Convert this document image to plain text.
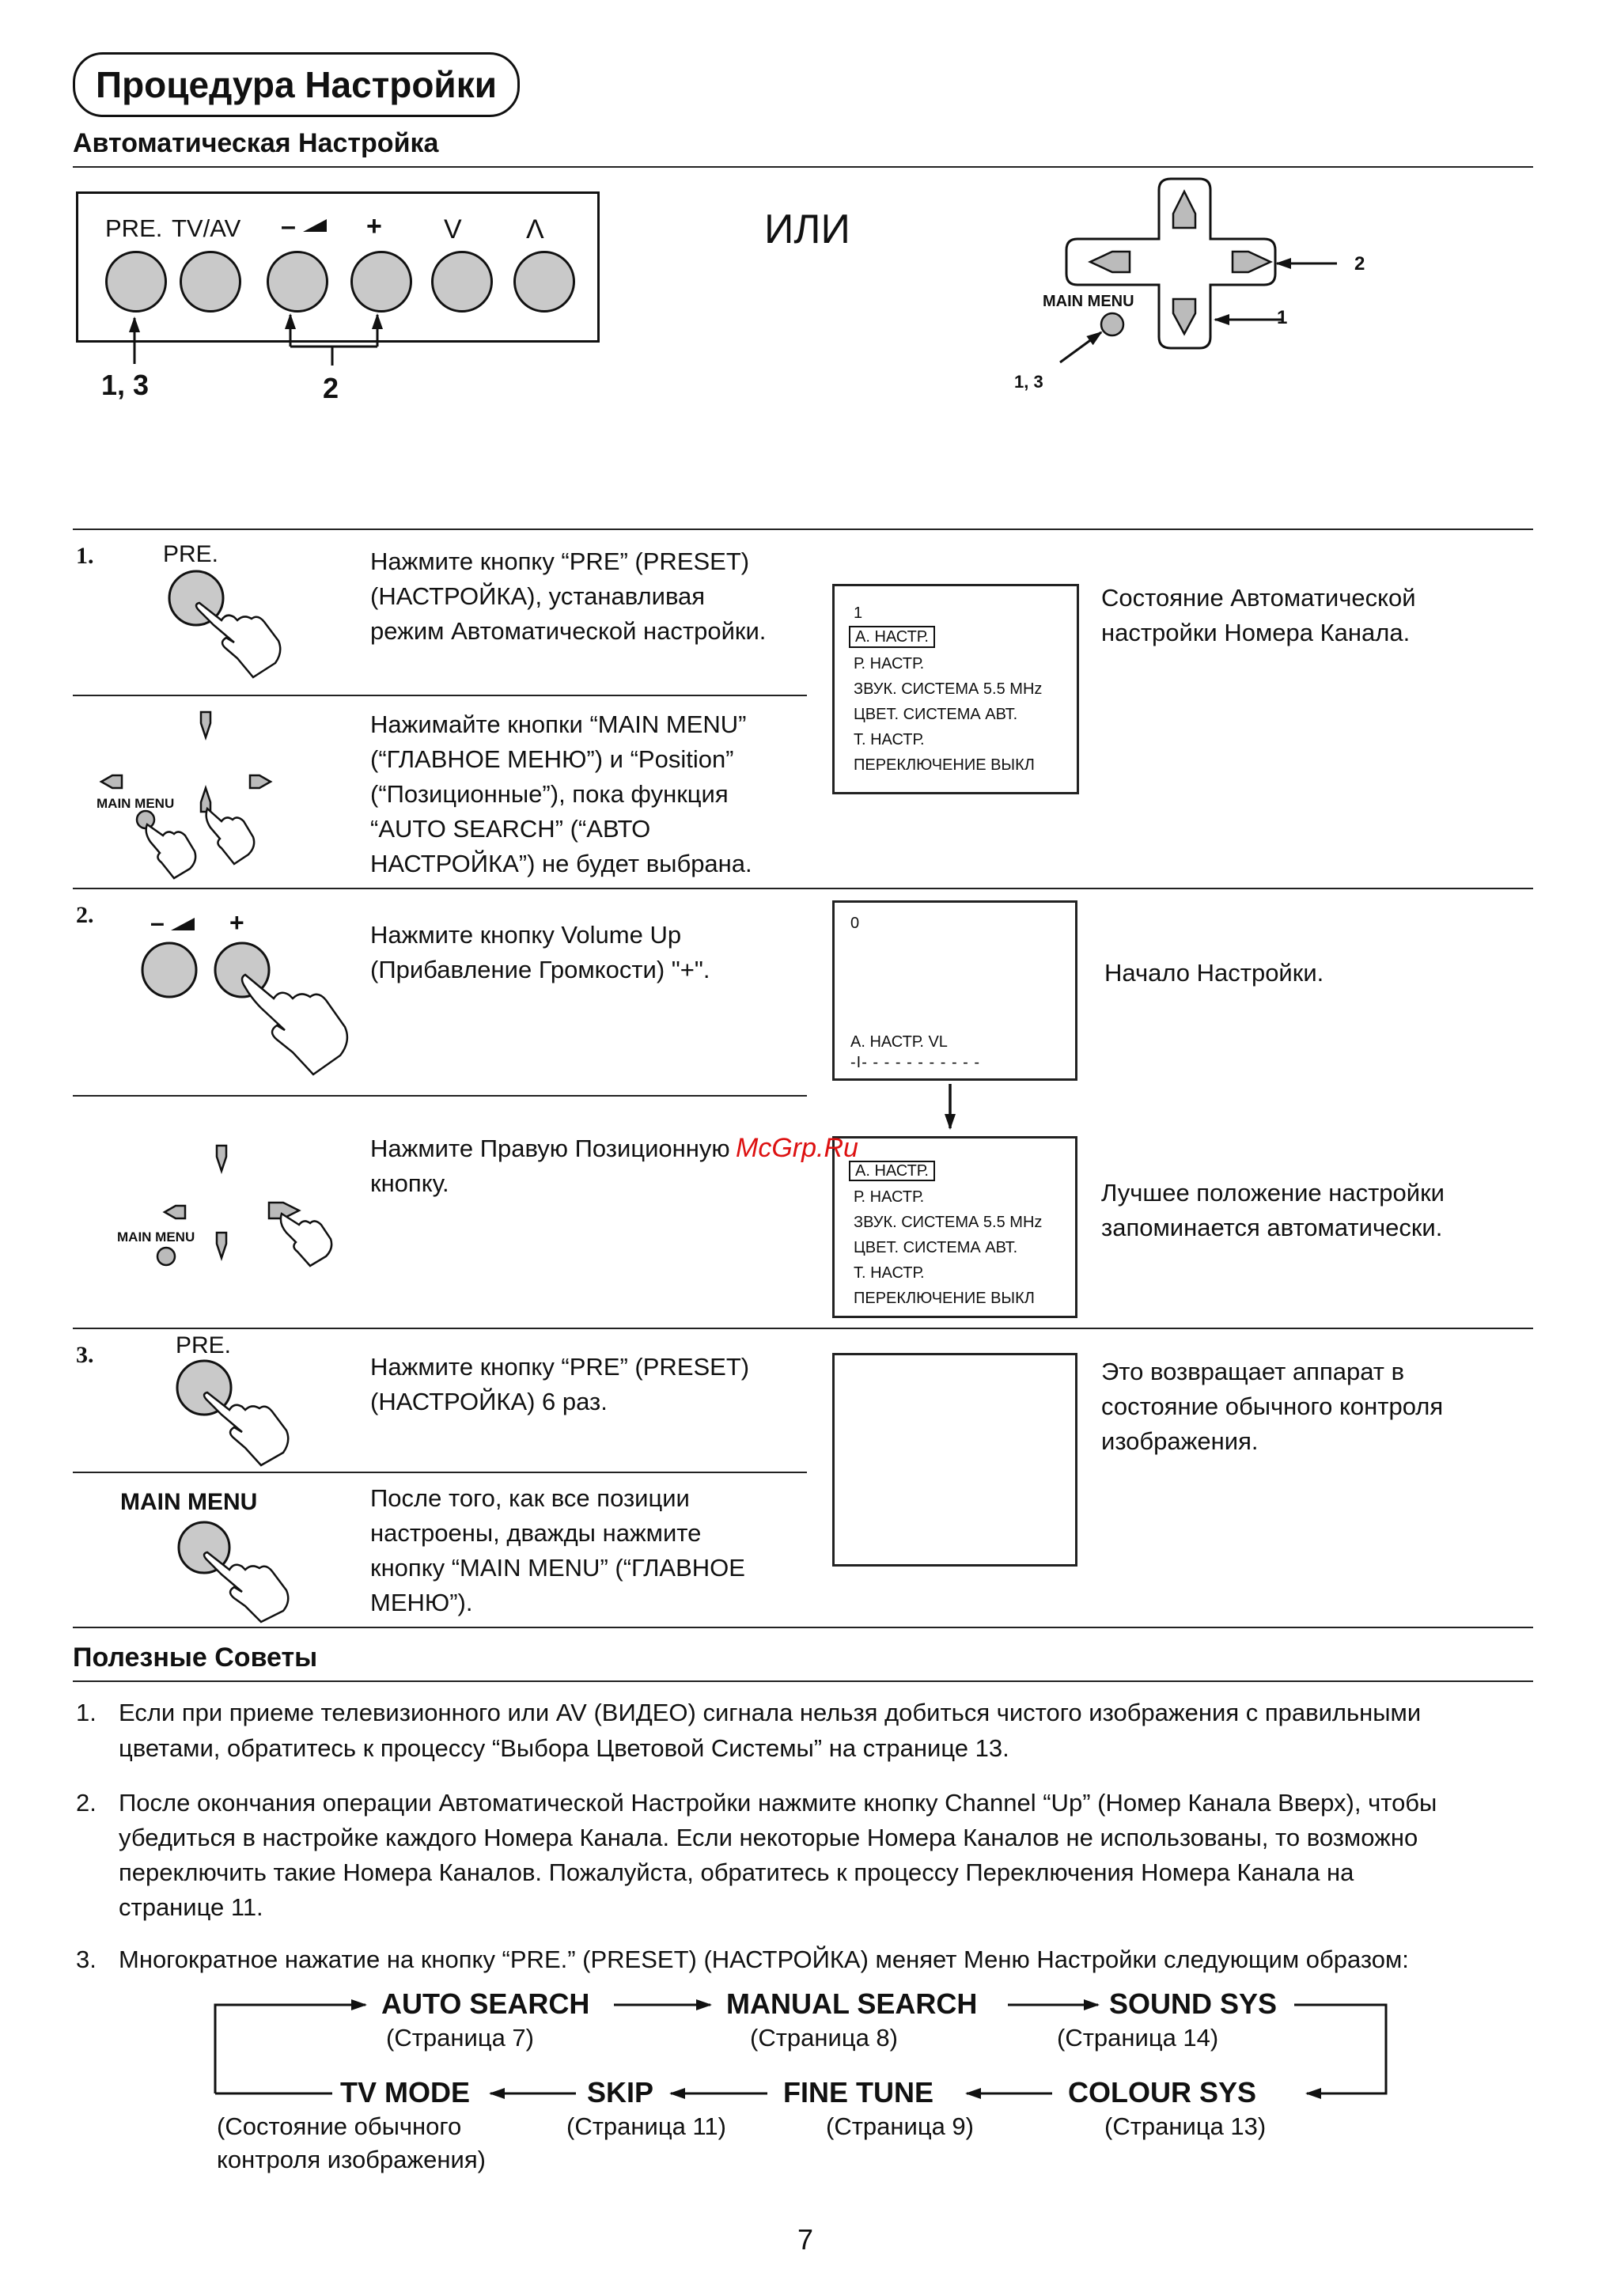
Процедура Настройки
Автоматическая Настройка
PRE. TV/AV –	+ V Λ
1, 3	2
ИЛИ
MAIN MENU
2
1
1, 3
1.	PRE.	Нажмите кнопку “PRE” (PRESET)
(НАСТРОЙКА), устанавливая
режим Автоматической настройки.
MAIN MENU
Нажимайте кнопки “MAIN MENU”
(“ГЛАВНОЕ МЕНЮ”) и “Position”
(“Позиционные”), пока функция
“AUTO SEARCH” (“АВТО
НАСТРОЙКА”) не будет выбрана.
1
A. НАСТР.
Р. НАСТР.
ЗВУК. СИСТЕМА 5.5 MHz
ЦВЕТ. СИСТЕМА АВТ.
Т. НАСТР.
ПЕРЕКЛЮЧЕНИЕ ВЫКЛ
Состояние Автоматической
настройки Номера Канала.
2. –	+	Нажмите кнопку Volume Up
(Прибавление Громкости) "+".
0
A. НАСТР. VL
-I- - - - - - - - - - -
Начало Настройки.
MAIN MENU
Нажмите Правую Позиционную
кнопку.	A. НАСТР.
Р. НАСТР.
ЗВУК. СИСТЕМА 5.5 MHz
ЦВЕТ. СИСТЕМА АВТ.
Т. НАСТР.
ПЕРЕКЛЮЧЕНИЕ ВЫКЛ
McGrp.Ru
Лучшее положение настройки
запоминается автоматически.
3.	PRE.
Нажмите кнопку “PRE” (PRESET)
(НАСТРОЙКА) 6 раз.
Это возвращает аппарат в
состояние обычного контроля
изображения.
MAIN MENU	После того, как все позиции
настроены, дважды нажмите
кнопку “MAIN MENU” (“ГЛАВНОЕ
МЕНЮ”).
Полезные Советы
1. Если при приеме телевизионного или AV (ВИДЕО) сигнала нельзя добиться чистого изображения с правильными
цветами, обратитесь к процессу “Выбора Цветовой Системы” на странице 13.
2. После окончания операции Автоматической Настройки нажмите кнопку Channel “Up” (Номер Канала Вверх), чтобы
убедиться в настройке каждого Номера Канала. Если некоторые Номера Каналов не использованы, то возможно
переключить такие Номера Каналов. Пожалуйста, обратитесь к процессу Переключения Номера Канала на
странице 11.
3. Многократное нажатие на кнопку “PRE.” (PRESET) (НАСТРОЙКА) меняет Меню Настройки следующим образом:
AUTO SEARCH
(Страница 7)
MANUAL SEARCH
(Страница 8)
SOUND SYS
(Страница 14)
TV MODE
(Состояние обычного
контроля изображения)
SKIP
(Страница 11)
FINE TUNE
(Страница 9)
COLOUR SYS
(Страница 13)
7
